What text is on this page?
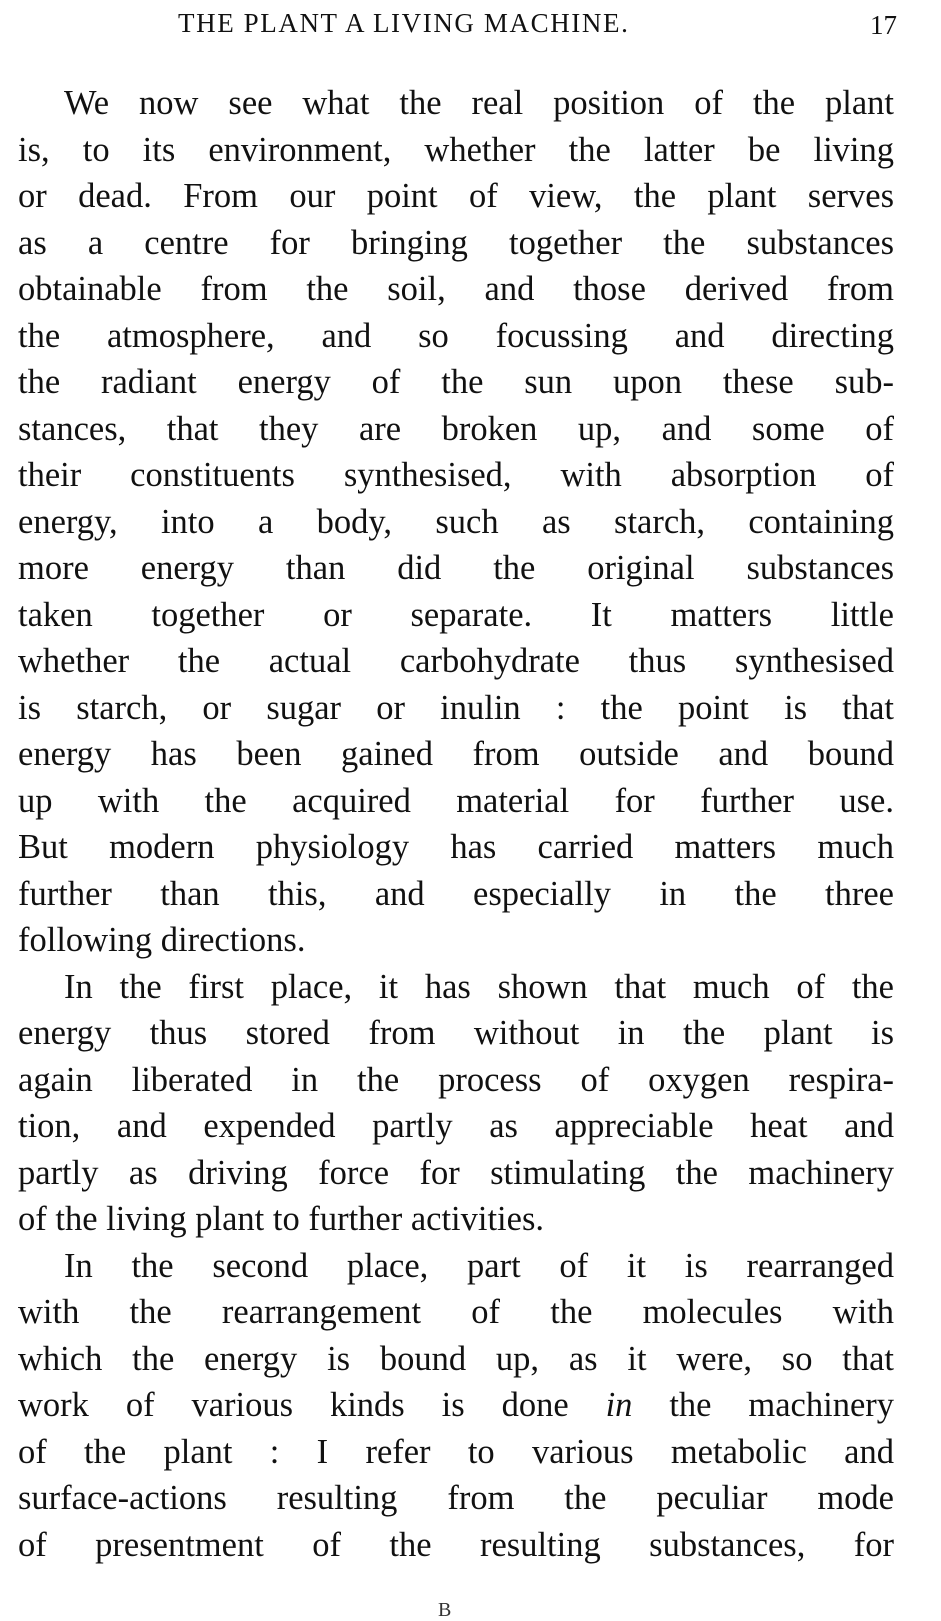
THE PLANT A LIVING MACHINE.	17
We now see what the real position of the plant
is, to its environment, whether the latter be living
or dead. From our point of view, the plant serves
as a centre for bringing together the substances
obtainable from the soil, and those derived from
the atmosphere, and so focussing and directing
the radiant energy of the sun upon these sub-
stances, that they are broken up, and some of
their constituents synthesised, with absorption of
energy, into a body, such as starch, containing
more energy than did the original substances
taken together or separate. It matters little
whether the actual carbohydrate thus synthesised
is starch, or sugar or inulin : the point is that
energy has been gained from outside and bound
up with the acquired material for further use.
But modern physiology has carried matters much
further than this, and especially in the three
following directions.
In the first place, it has shown that much of the
energy thus stored from without in the plant is
again liberated in the process of oxygen respira-
tion, and expended partly as appreciable heat and
partly as driving force for stimulating the machinery
of the living plant to further activities.
In the second place, part of it is rearranged
with the rearrangement of the molecules with
which the energy is bound up, as it were, so that
work of various kinds is done in the machinery
of the plant : I refer to various metabolic and
surface-actions resulting from the peculiar mode
of presentment of the resulting substances, for
B
